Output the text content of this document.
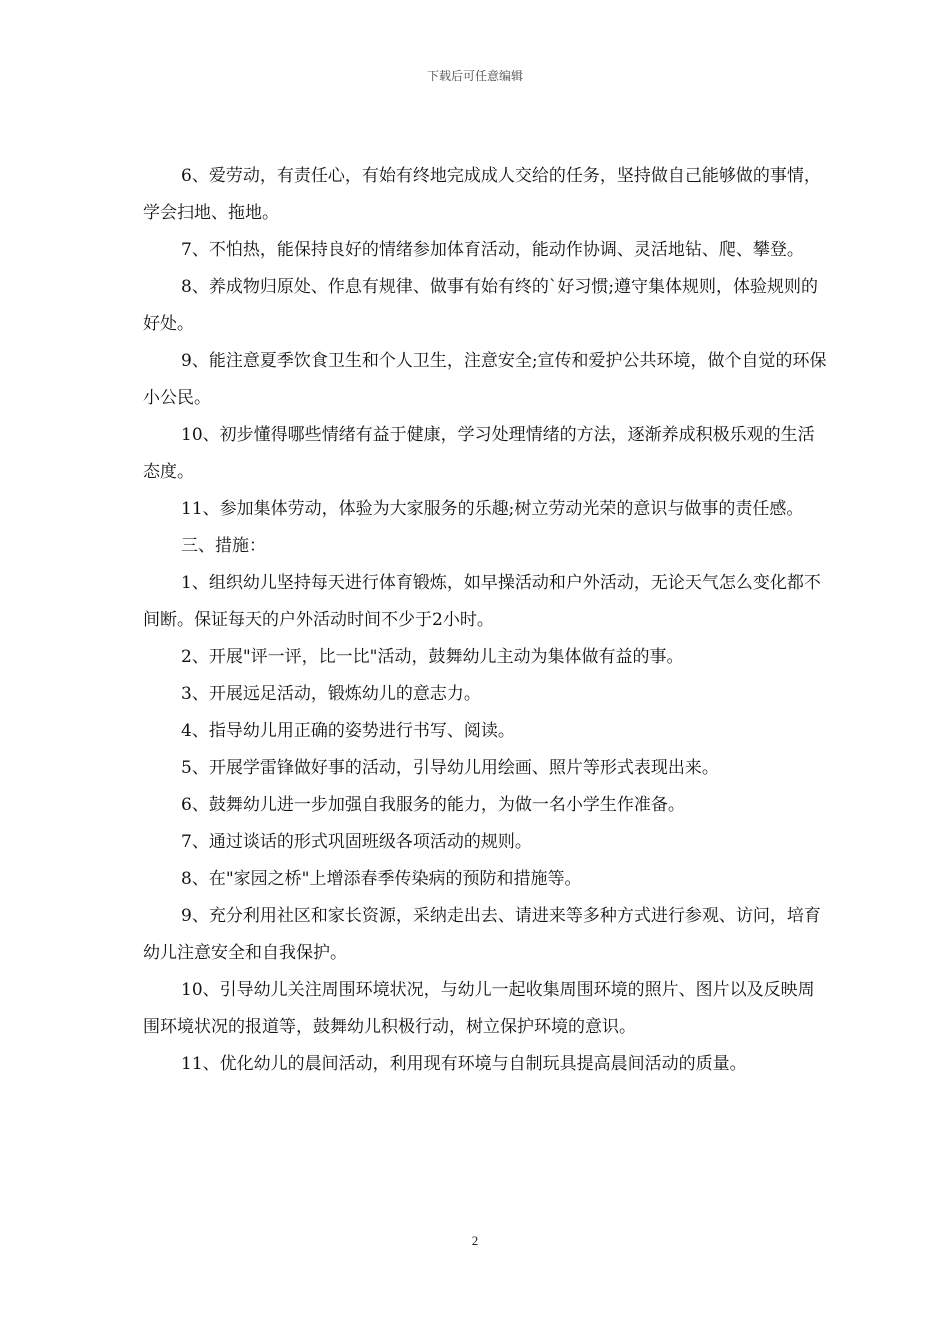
下载后可任意编辑

6、爱劳动，有责任心，有始有终地完成成人交给的任务，坚持做自己能够做的事情，学会扫地、拖地。

7、不怕热，能保持良好的情绪参加体育活动，能动作协调、灵活地钻、爬、攀登。

8、养成物归原处、作息有规律、做事有始有终的`好习惯;遵守集体规则，体验规则的好处。

9、能注意夏季饮食卫生和个人卫生，注意安全;宣传和爱护公共环境，做个自觉的环保小公民。

10、初步懂得哪些情绪有益于健康，学习处理情绪的方法，逐渐养成积极乐观的生活态度。

11、参加集体劳动，体验为大家服务的乐趣;树立劳动光荣的意识与做事的责任感。

三、措施：

1、组织幼儿坚持每天进行体育锻炼，如早操活动和户外活动，无论天气怎么变化都不间断。保证每天的户外活动时间不少于2小时。

2、开展"评一评，比一比"活动，鼓舞幼儿主动为集体做有益的事。

3、开展远足活动，锻炼幼儿的意志力。

4、指导幼儿用正确的姿势进行书写、阅读。

5、开展学雷锋做好事的活动，引导幼儿用绘画、照片等形式表现出来。

6、鼓舞幼儿进一步加强自我服务的能力，为做一名小学生作准备。

7、通过谈话的形式巩固班级各项活动的规则。

8、在"家园之桥"上增添春季传染病的预防和措施等。

9、充分利用社区和家长资源，采纳走出去、请进来等多种方式进行参观、访问，培育幼儿注意安全和自我保护。

10、引导幼儿关注周围环境状况，与幼儿一起收集周围环境的照片、图片以及反映周围环境状况的报道等，鼓舞幼儿积极行动，树立保护环境的意识。

11、优化幼儿的晨间活动，利用现有环境与自制玩具提高晨间活动的质量。

2
